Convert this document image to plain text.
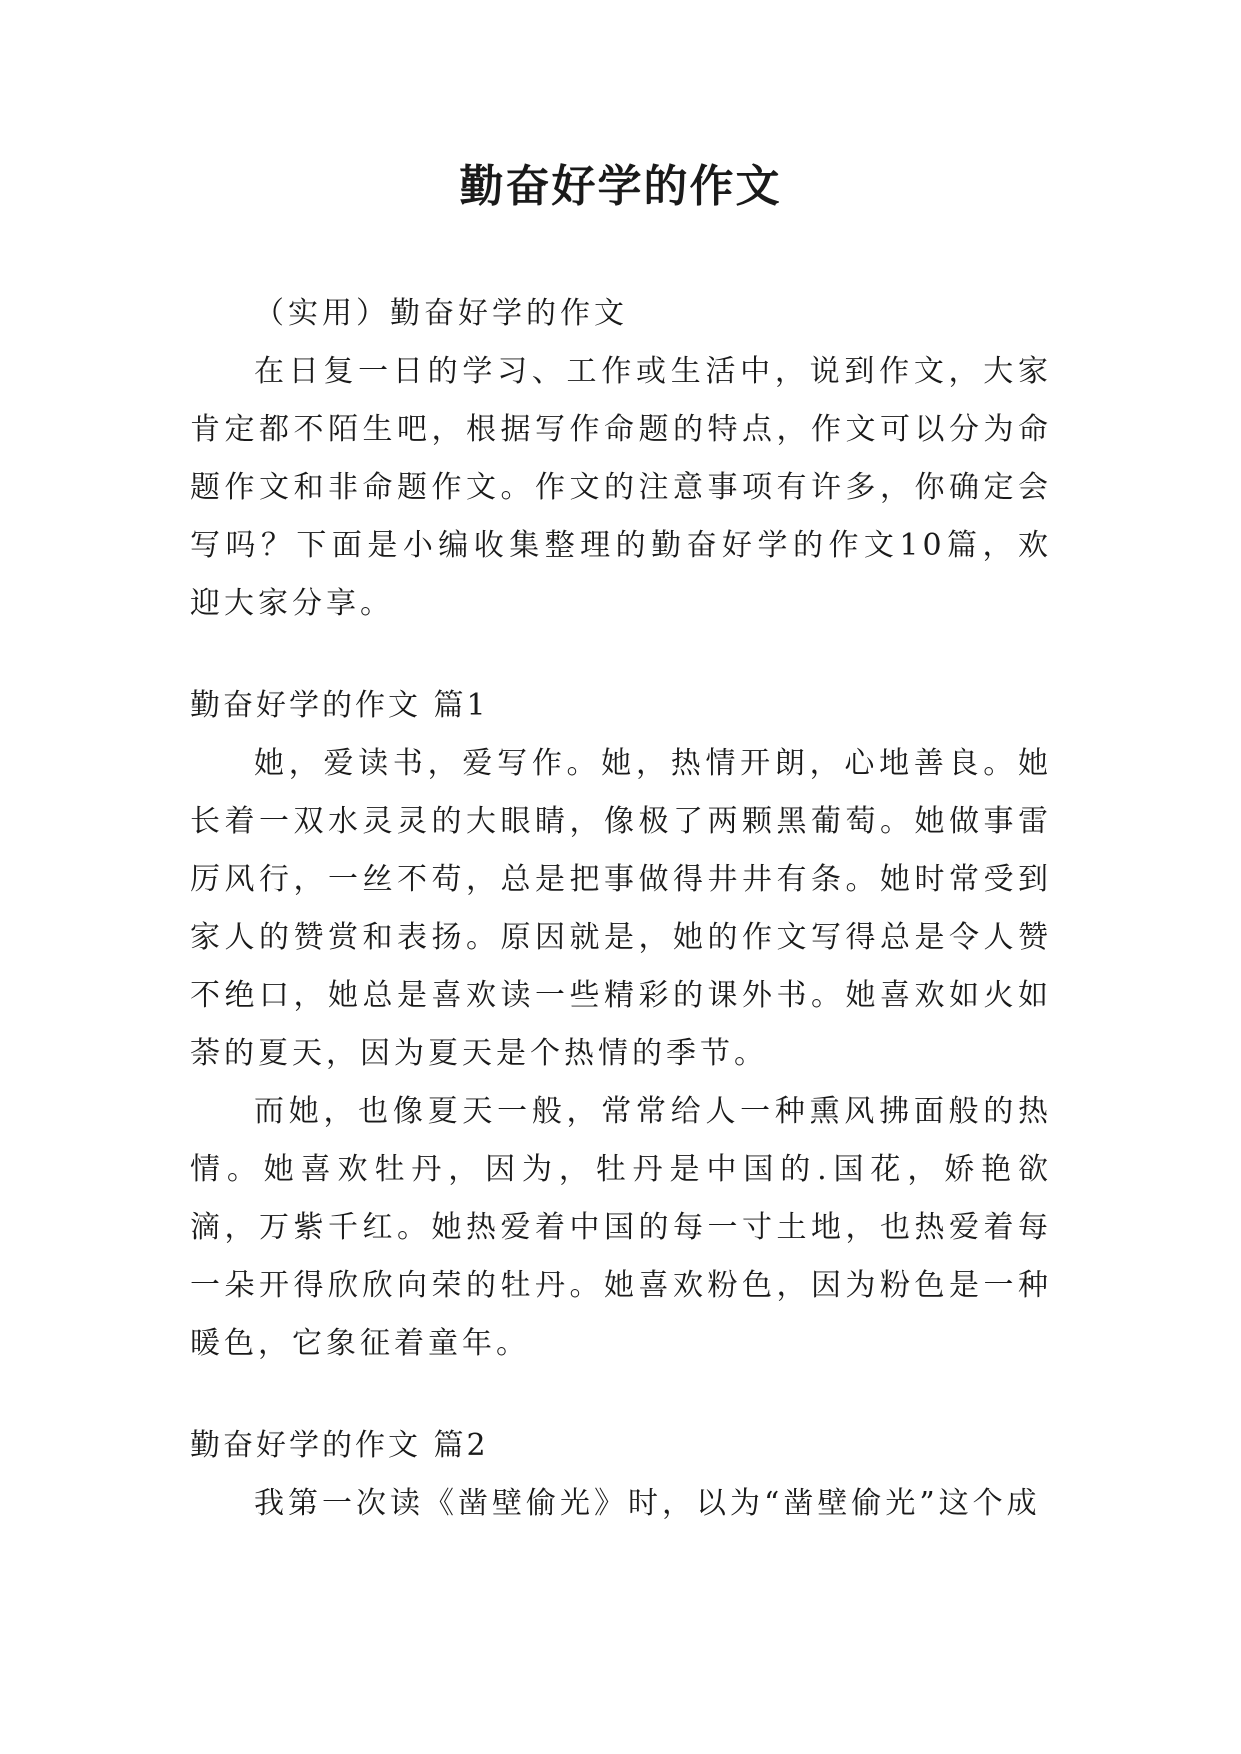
勤奋好学的作文

（实用）勤奋好学的作文

在日复一日的学习、工作或生活中，说到作文，大家肯定都不陌生吧，根据写作命题的特点，作文可以分为命题作文和非命题作文。作文的注意事项有许多，你确定会写吗？下面是小编收集整理的勤奋好学的作文10篇，欢迎大家分享。

勤奋好学的作文 篇1

她，爱读书，爱写作。她，热情开朗，心地善良。她长着一双水灵灵的大眼睛，像极了两颗黑葡萄。她做事雷厉风行，一丝不苟，总是把事做得井井有条。她时常受到家人的赞赏和表扬。原因就是，她的作文写得总是令人赞不绝口，她总是喜欢读一些精彩的课外书。她喜欢如火如荼的夏天，因为夏天是个热情的季节。

而她，也像夏天一般，常常给人一种熏风拂面般的热情。她喜欢牡丹，因为，牡丹是中国的.国花，娇艳欲滴，万紫千红。她热爱着中国的每一寸土地，也热爱着每一朵开得欣欣向荣的牡丹。她喜欢粉色，因为粉色是一种暖色，它象征着童年。

勤奋好学的作文 篇2

我第一次读《凿壁偷光》时，以为“凿壁偷光”这个成
